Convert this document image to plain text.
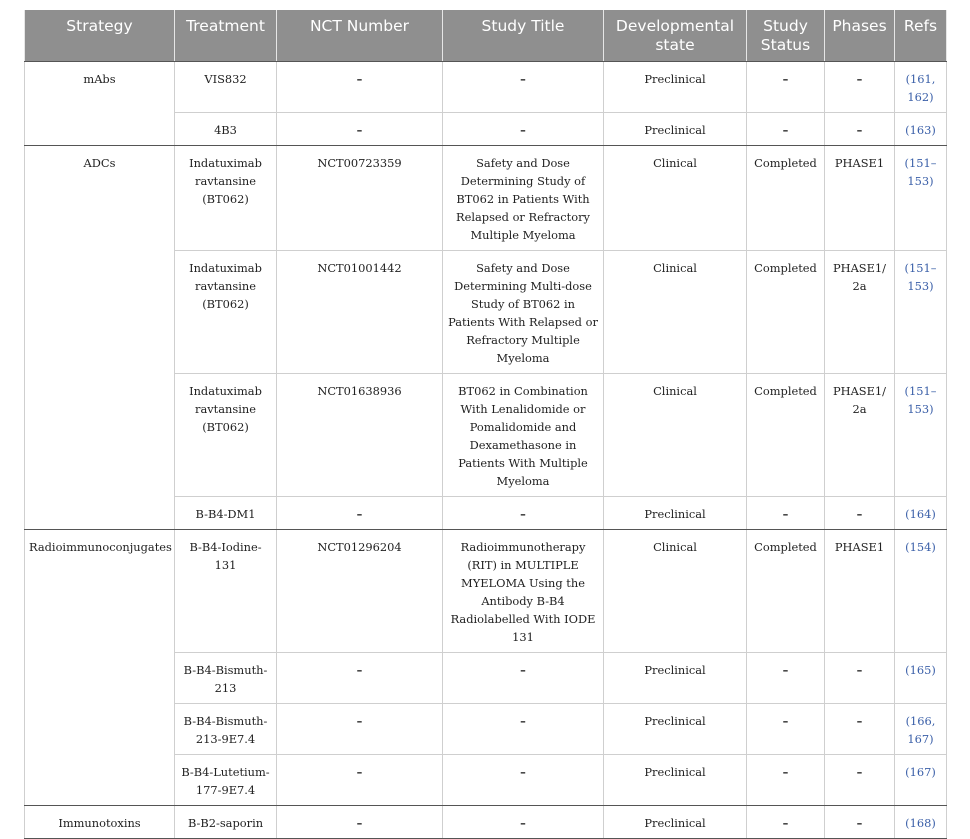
Strategy	Treatment	NCT Number	Study Title	Developmental state	Study Status	Phases	Refs
mAbs	VIS832	–	–	Preclinical	–	–	(161, 162)
	4B3	–	–	Preclinical	–	–	(163)
ADCs	Indatuximab ravtansine (BT062)	NCT00723359	Safety and Dose Determining Study of BT062 in Patients With Relapsed or Refractory Multiple Myeloma	Clinical	Completed	PHASE1	(151–153)
	Indatuximab ravtansine (BT062)	NCT01001442	Safety and Dose Determining Multi-dose Study of BT062 in Patients With Relapsed or Refractory Multiple Myeloma	Clinical	Completed	PHASE1/ 2a	(151–153)
	Indatuximab ravtansine (BT062)	NCT01638936	BT062 in Combination With Lenalidomide or Pomalidomide and Dexamethasone in Patients With Multiple Myeloma	Clinical	Completed	PHASE1/ 2a	(151–153)
	B-B4-DM1	–	–	Preclinical	–	–	(164)
Radioimmunoconjugates	B-B4-Iodine-131	NCT01296204	Radioimmunotherapy (RIT) in MULTIPLE MYELOMA Using the Antibody B-B4 Radiolabelled With IODE 131	Clinical	Completed	PHASE1	(154)
	B-B4-Bismuth-213	–	–	Preclinical	–	–	(165)
	B-B4-Bismuth-213-9E7.4	–	–	Preclinical	–	–	(166, 167)
	B-B4-Lutetium-177-9E7.4	–	–	Preclinical	–	–	(167)
Immunotoxins	B-B2-saporin	–	–	Preclinical	–	–	(168)
